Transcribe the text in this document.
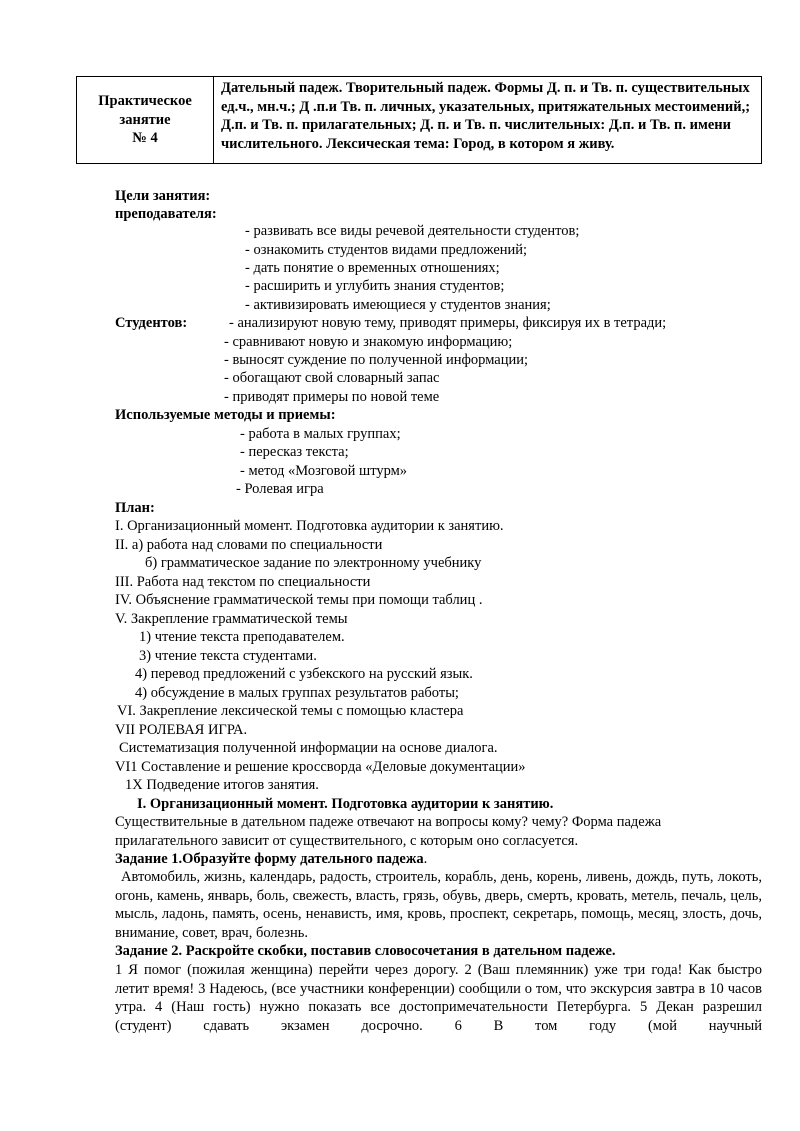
Практическое
занятие
№ 4
	Дательный падеж. Творительный падеж. Формы Д. п. и Тв. п. существительных ед.ч., мн.ч.; Д .п.и Тв. п. личных, указательных, притяжательных местоимений,; Д.п. и Тв. п. прилагательных; Д. п. и Тв. п. числительных: Д.п. и Тв. п. имени числительного. Лексическая тема: Город, в котором я живу.
Цели занятия:
преподавателя:
- развивать все виды речевой деятельности студентов;
- ознакомить студентов видами предложений;
- дать понятие о временных отношениях;
- расширить и углубить знания студентов;
- активизировать имеющиеся у студентов знания;
Студентов:	- анализируют новую тему, приводят примеры, фиксируя их в тетради;
- сравнивают новую и знакомую информацию;
- выносят суждение по полученной информации;
- обогащают свой словарный запас
- приводят примеры по новой теме
Используемые методы и приемы:
- работа в малых группах;
- пересказ текста;
- метод «Мозговой штурм»
- Ролевая игра
План:
I. Организационный момент. Подготовка аудитории к занятию.
II. а) работа над словами по специальности
б) грамматическое задание по электронному учебнику
III. Работа над текстом по специальности
IV. Объяснение грамматической темы при помощи таблиц .
V. Закрепление грамматической темы
1) чтение текста преподавателем.
3) чтение текста студентами.
4) перевод предложений с узбекского на русский язык.
4) обсуждение в малых группах результатов работы;
VI. Закрепление лексической темы с помощью кластера
VII РОЛЕВАЯ ИГРА.
Систематизация полученной информации на основе диалога.
VI1 Составление и решение кроссворда «Деловые документации»
1Х Подведение итогов занятия.
I. Организационный момент. Подготовка аудитории к занятию.
Существительные в дательном падеже отвечают на вопросы кому? чему? Форма падежа прилагательного зависит от существительного, с которым оно согласуется.
Задание 1.Образуйте форму дательного падежа.
Автомобиль, жизнь, календарь, радость, строитель, корабль, день, корень, ливень, дождь, путь, локоть, огонь, камень, январь, боль, свежесть, власть, грязь, обувь, дверь, смерть, кровать, метель, печаль, цель, мысль, ладонь, память, осень, ненависть, имя, кровь, проспект, секретарь, помощь, месяц, злость, дочь, внимание, совет, врач, болезнь.
Задание 2. Раскройте скобки, поставив словосочетания в дательном падеже.
1 Я помог (пожилая женщина) перейти через дорогу. 2 (Ваш племянник) уже три года! Как быстро летит время! 3 Надеюсь, (все участники конференции) сообщили о том, что экскурсия завтра в 10 часов утра. 4 (Наш гость) нужно показать все достопримечательности Петербурга. 5 Декан разрешил (студент) сдавать экзамен досрочно. 6 В том году (мой научный
